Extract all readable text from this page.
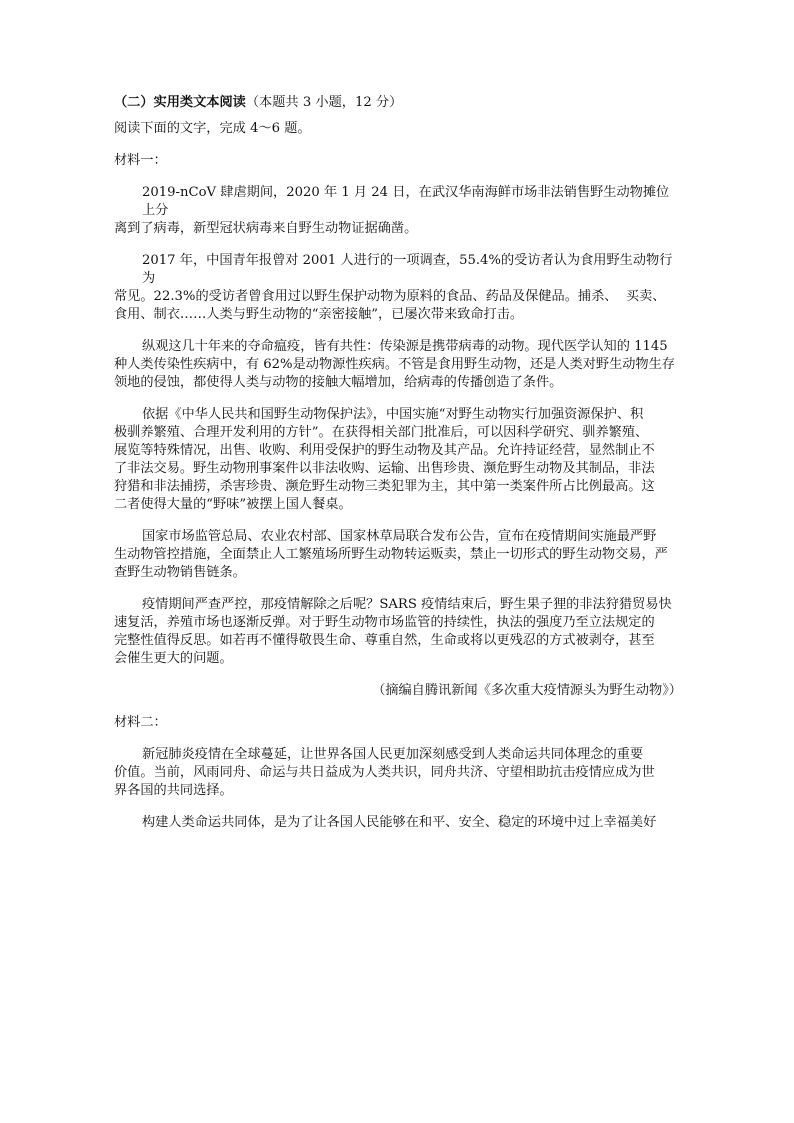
（二）实用类文本阅读（本题共 3 小题，12 分）

阅读下面的文字，完成 4～6 题。

材料一：

2019-nCoV 肆虐期间，2020 年 1 月 24 日，在武汉华南海鲜市场非法销售野生动物摊位上分

离到了病毒，新型冠状病毒来自野生动物证据确凿。

2017 年，中国青年报曾对 2001 人进行的一项调查，55.4%的受访者认为食用野生动物行为

常见。22.3%的受访者曾食用过以野生保护动物为原料的食品、药品及保健品。捕杀、  买卖、

食用、制衣……人类与野生动物的“亲密接触”，已屡次带来致命打击。

纵观这几十年来的夺命瘟疫，皆有共性：传染源是携带病毒的动物。现代医学认知的 1145

种人类传染性疾病中，有 62%是动物源性疾病。不管是食用野生动物，还是人类对野生动物生存

领地的侵蚀，都使得人类与动物的接触大幅增加，给病毒的传播创造了条件。

依据《中华人民共和国野生动物保护法》，中国实施“对野生动物实行加强资源保护、积

极驯养繁殖、合理开发利用的方针”。在获得相关部门批准后，可以因科学研究、驯养繁殖、

展览等特殊情况，出售、收购、利用受保护的野生动物及其产品。允许持证经营，显然制止不

了非法交易。野生动物刑事案件以非法收购、运输、出售珍贵、濒危野生动物及其制品，非法

狩猎和非法捕捞，杀害珍贵、濒危野生动物三类犯罪为主，其中第一类案件所占比例最高。这

二者使得大量的“野味”被摆上国人餐桌。

国家市场监管总局、农业农村部、国家林草局联合发布公告，宣布在疫情期间实施最严野

生动物管控措施，全面禁止人工繁殖场所野生动物转运贩卖，禁止一切形式的野生动物交易，严

查野生动物销售链条。

疫情期间严查严控，那疫情解除之后呢？SARS 疫情结束后，野生果子狸的非法狩猎贸易快

速复活，养殖市场也逐渐反弹。对于野生动物市场监管的持续性，执法的强度乃至立法规定的

完整性值得反思。如若再不懂得敬畏生命、尊重自然，生命或将以更残忍的方式被剥夺，甚至

会催生更大的问题。

（摘编自腾讯新闻《多次重大疫情源头为野生动物》）

材料二：

新冠肺炎疫情在全球蔓延，让世界各国人民更加深刻感受到人类命运共同体理念的重要

价值。当前，风雨同舟、命运与共日益成为人类共识，同舟共济、守望相助抗击疫情应成为世

界各国的共同选择。

构建人类命运共同体，是为了让各国人民能够在和平、安全、稳定的环境中过上幸福美好
